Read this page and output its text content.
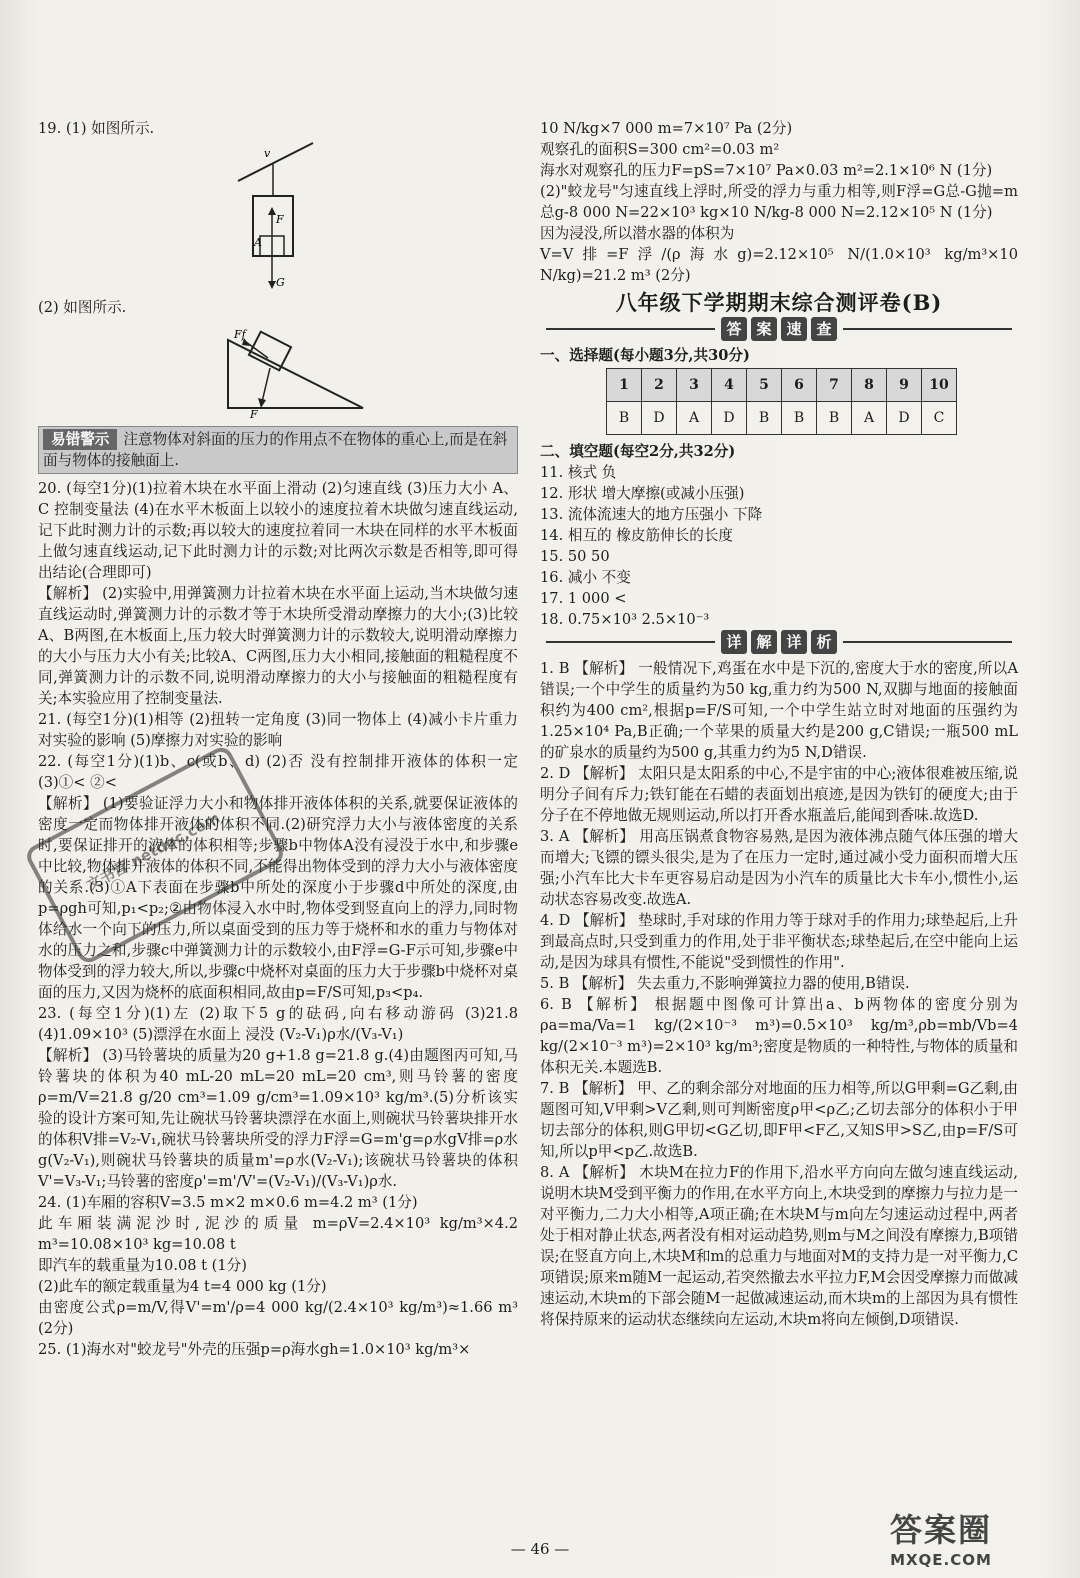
19. (1) 如图所示.

v
F
A
G

(2) 如图所示.

Ff
F
易错警示 注意物体对斜面的压力的作用点不在物体的重心上,而是在斜面与物体的接触面上.

20. (每空1分)(1)拉着木块在水平面上滑动 (2)匀速直线 (3)压力大小 A、C 控制变量法 (4)在水平木板面上以较小的速度拉着木块做匀速直线运动,记下此时测力计的示数;再以较大的速度拉着同一木块在同样的水平木板面上做匀速直线运动,记下此时测力计的示数;对比两次示数是否相等,即可得出结论(合理即可)

【解析】 (2)实验中,用弹簧测力计拉着木块在水平面上运动,当木块做匀速直线运动时,弹簧测力计的示数才等于木块所受滑动摩擦力的大小;(3)比较A、B两图,在木板面上,压力较大时弹簧测力计的示数较大,说明滑动摩擦力的大小与压力大小有关;比较A、C两图,压力大小相同,接触面的粗糙程度不同,弹簧测力计的示数不同,说明滑动摩擦力的大小与接触面的粗糙程度有关;本实验应用了控制变量法.

21. (每空1分)(1)相等 (2)扭转一定角度 (3)同一物体上 (4)减小卡片重力对实验的影响 (5)摩擦力对实验的影响

22. (每空1分)(1)b、c(或b、d) (2)否 没有控制排开液体的体积一定 (3)①< ②<

【解析】 (1)要验证浮力大小和物体排开液体体积的关系,就要保证液体的密度一定而物体排开液体的体积不同.(2)研究浮力大小与液体密度的关系时,要保证排开的液体的体积相等;步骤b中物体A没有浸没于水中,和步骤e中比较,物体排开液体的体积不同,不能得出物体受到的浮力大小与液体密度的关系.(3)①A下表面在步骤b中所处的深度小于步骤d中所处的深度,由p=ρgh可知,p₁<p₂;②由物体浸入水中时,物体受到竖直向上的浮力,同时物体给水一个向下的压力,所以桌面受到的压力等于烧杯和水的重力与物体对水的压力之和,步骤c中弹簧测力计的示数较小,由F浮=G-F示可知,步骤e中物体受到的浮力较大,所以,步骤c中烧杯对桌面的压力大于步骤b中烧杯对桌面的压力,又因为烧杯的底面积相同,故由p=F/S可知,p₃<p₄.

23. (每空1分)(1)左 (2)取下5 g的砝码,向右移动游码 (3)21.8 (4)1.09×10³ (5)漂浮在水面上 浸没 (V₂-V₁)ρ水/(V₃-V₁)

【解析】 (3)马铃薯块的质量为20 g+1.8 g=21.8 g.(4)由题图丙可知,马铃薯块的体积为40 mL-20 mL=20 mL=20 cm³,则马铃薯的密度ρ=m/V=21.8 g/20 cm³=1.09 g/cm³=1.09×10³ kg/m³.(5)分析该实验的设计方案可知,先让碗状马铃薯块漂浮在水面上,则碗状马铃薯块排开水的体积V排=V₂-V₁,碗状马铃薯块所受的浮力F浮=G=m'g=ρ水gV排=ρ水g(V₂-V₁),则碗状马铃薯块的质量m'=ρ水(V₂-V₁);该碗状马铃薯块的体积V'=V₃-V₁;马铃薯的密度ρ'=m'/V'=(V₂-V₁)/(V₃-V₁)ρ水.

24. (1)车厢的容积V=3.5 m×2 m×0.6 m=4.2 m³ (1分)

此车厢装满泥沙时,泥沙的质量 m=ρV=2.4×10³ kg/m³×4.2 m³=10.08×10³ kg=10.08 t

即汽车的载重量为10.08 t (1分)

(2)此车的额定载重量为4 t=4 000 kg (1分)

由密度公式ρ=m/V,得V'=m'/ρ=4 000 kg/(2.4×10³ kg/m³)≈1.66 m³ (2分)

25. (1)海水对"蛟龙号"外壳的压强p=ρ海水gh=1.0×10³ kg/m³×

10 N/kg×7 000 m=7×10⁷ Pa (2分)

观察孔的面积S=300 cm²=0.03 m²

海水对观察孔的压力F=pS=7×10⁷ Pa×0.03 m²=2.1×10⁶ N (1分)

(2)"蛟龙号"匀速直线上浮时,所受的浮力与重力相等,则F浮=G总-G抛=m总g-8 000 N=22×10³ kg×10 N/kg-8 000 N=2.12×10⁵ N (1分)

因为浸没,所以潜水器的体积为

V=V排=F浮/(ρ海水g)=2.12×10⁵ N/(1.0×10³ kg/m³×10 N/kg)=21.2 m³ (2分)

八年级下学期期末综合测评卷(B)
答 案 速 查

一、选择题(每小题3分,共30分)

1	2	3	4	5	6	7	8	9	10
B	D	A	D	B	B	B	A	D	C

二、填空题(每空2分,共32分)

11. 核式 负

12. 形状 增大摩擦(或减小压强)

13. 流体流速大的地方压强小 下降

14. 相互的 橡皮筋伸长的长度

15. 50 50

16. 减小 不变

17. 1 000 <

18. 0.75×10³ 2.5×10⁻³

详 解 详 析

1. B 【解析】 一般情况下,鸡蛋在水中是下沉的,密度大于水的密度,所以A错误;一个中学生的质量约为50 kg,重力约为500 N,双脚与地面的接触面积约为400 cm²,根据p=F/S可知,一个中学生站立时对地面的压强约为1.25×10⁴ Pa,B正确;一个苹果的质量大约是200 g,C错误;一瓶500 mL的矿泉水的质量约为500 g,其重力约为5 N,D错误.

2. D 【解析】 太阳只是太阳系的中心,不是宇宙的中心;液体很难被压缩,说明分子间有斥力;铁钉能在石蜡的表面划出痕迹,是因为铁钉的硬度大;由于分子在不停地做无规则运动,所以打开香水瓶盖后,能闻到香味.故选D.

3. A 【解析】 用高压锅煮食物容易熟,是因为液体沸点随气体压强的增大而增大;飞镖的镖头很尖,是为了在压力一定时,通过减小受力面积而增大压强;小汽车比大卡车更容易启动是因为小汽车的质量比大卡车小,惯性小,运动状态容易改变.故选A.

4. D 【解析】 垫球时,手对球的作用力等于球对手的作用力;球垫起后,上升到最高点时,只受到重力的作用,处于非平衡状态;球垫起后,在空中能向上运动,是因为球具有惯性,不能说"受到惯性的作用".

5. B 【解析】 失去重力,不影响弹簧拉力器的使用,B错误.

6. B 【解析】 根据题中图像可计算出a、b两物体的密度分别为ρa=ma/Va=1 kg/(2×10⁻³ m³)=0.5×10³ kg/m³,ρb=mb/Vb=4 kg/(2×10⁻³ m³)=2×10³ kg/m³;密度是物质的一种特性,与物体的质量和体积无关.本题选B.

7. B 【解析】 甲、乙的剩余部分对地面的压力相等,所以G甲剩=G乙剩,由题图可知,V甲剩>V乙剩,则可判断密度ρ甲<ρ乙;乙切去部分的体积小于甲切去部分的体积,则G甲切<G乙切,即F甲<F乙,又知S甲>S乙,由p=F/S可知,所以p甲<p乙.故选B.

8. A 【解析】 木块M在拉力F的作用下,沿水平方向向左做匀速直线运动,说明木块M受到平衡力的作用,在水平方向上,木块受到的摩擦力与拉力是一对平衡力,二力大小相等,A项正确;在木块M与m向左匀速运动过程中,两者处于相对静止状态,两者没有相对运动趋势,则m与M之间没有摩擦力,B项错误;在竖直方向上,木块M和m的总重力与地面对M的支持力是一对平衡力,C项错误;原来m随M一起运动,若突然撤去水平拉力F,M会因受摩擦力而做减速运动,木块m的下部会随M一起做减速运动,而木块m的上部因为具有惯性将保持原来的运动状态继续向左运动,木块m将向左倾倒,D项错误.

文书营 netdoc.com
— 46 —	答案圈
MXQE.COM
